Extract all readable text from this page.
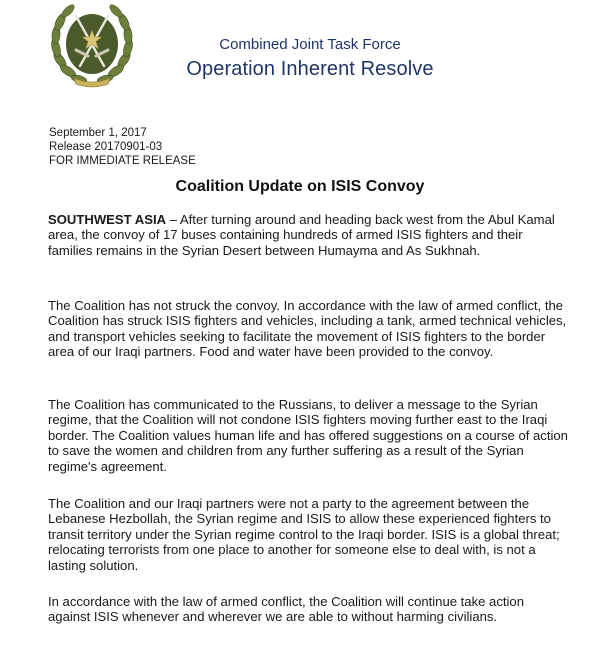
Combined Joint Task Force
Operation Inherent Resolve
September 1, 2017
Release 20170901-03
FOR IMMEDIATE RELEASE
Coalition Update on ISIS Convoy
SOUTHWEST ASIA – After turning around and heading back west from the Abul Kamal area, the convoy of 17 buses containing hundreds of armed ISIS fighters and their families remains in the Syrian Desert between Humayma and As Sukhnah.
The Coalition has not struck the convoy. In accordance with the law of armed conflict, the Coalition has struck ISIS fighters and vehicles, including a tank, armed technical vehicles, and transport vehicles seeking to facilitate the movement of ISIS fighters to the border area of our Iraqi partners. Food and water have been provided to the convoy.
The Coalition has communicated to the Russians, to deliver a message to the Syrian regime, that the Coalition will not condone ISIS fighters moving further east to the Iraqi border. The Coalition values human life and has offered suggestions on a course of action to save the women and children from any further suffering as a result of the Syrian regime's agreement.
The Coalition and our Iraqi partners were not a party to the agreement between the Lebanese Hezbollah, the Syrian regime and ISIS to allow these experienced fighters to transit territory under the Syrian regime control to the Iraqi border. ISIS is a global threat; relocating terrorists from one place to another for someone else to deal with, is not a lasting solution.
In accordance with the law of armed conflict, the Coalition will continue take action against ISIS whenever and wherever we are able to without harming civilians.
